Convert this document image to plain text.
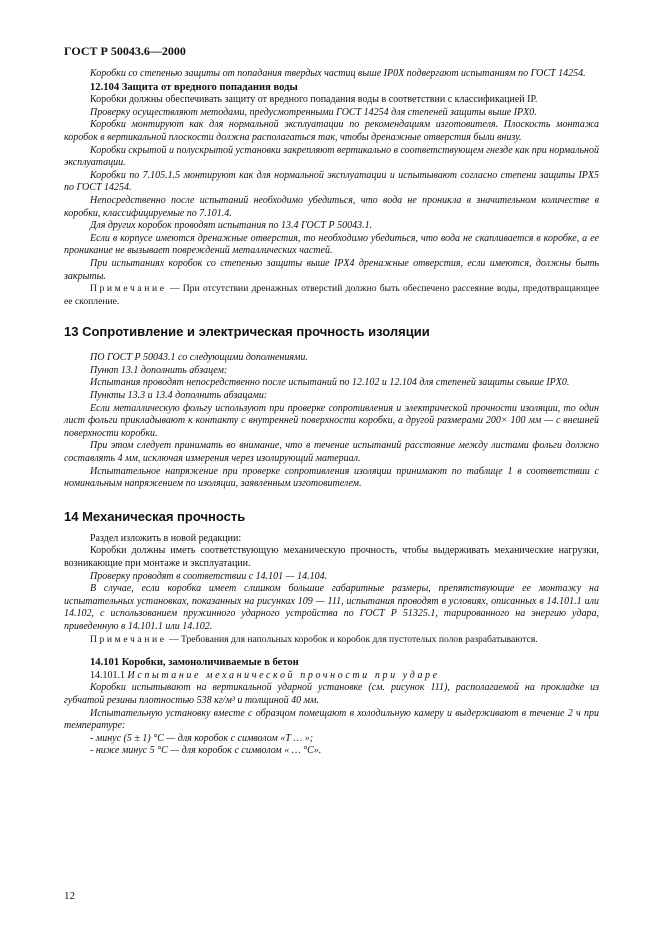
ГОСТ Р 50043.6—2000

Коробки со степенью защиты от попадания твердых частиц выше IP0X подвергают испытаниям по ГОСТ 14254.

12.104 Защита от вредного попадания воды

Коробки должны обеспечивать защиту от вредного попадания воды в соответствии с классификацией IP.

Проверку осуществляют методами, предусмотренными ГОСТ 14254 для степеней защиты выше IPX0.

Коробки монтируют как для нормальной эксплуатации по рекомендациям изготовителя. Плоскость монтажа коробок в вертикальной плоскости должна располагаться так, чтобы дренажные отверстия были внизу.

Коробки скрытой и полускрытой установки закрепляют вертикально в соответствующем гнезде как при нормальной эксплуатации.

Коробки по 7.105.1.5 монтируют как для нормальной эксплуатации и испытывают согласно степени защиты IPX5 по ГОСТ 14254.

Непосредственно после испытаний необходимо убедиться, что вода не проникла в значительном количестве в коробки, классифицируемые по 7.101.4.

Для других коробок проводят испытания по 13.4 ГОСТ Р 50043.1.

Если в корпусе имеются дренажные отверстия, то необходимо убедиться, что вода не скапливается в коробке, а ее проникание не вызывает повреждений металлических частей.

При испытаниях коробок со степенью защиты выше IPX4 дренажные отверстия, если имеются, должны быть закрыты.

Примечание — При отсутствии дренажных отверстий должно быть обеспечено рассеяние воды, предотвращающее ее скопление.

13 Сопротивление и электрическая прочность изоляции

ПО ГОСТ Р 50043.1 со следующими дополнениями.

Пункт 13.1 дополнить абзацем:

Испытания проводят непосредственно после испытаний по 12.102 и 12.104 для степеней защиты свыше IPX0.

Пункты 13.3 и 13.4 дополнить абзацами:

Если металлическую фольгу используют при проверке сопротивления и электрической прочности изоляции, то один лист фольги прикладывают к контакту с внутренней поверхности коробки, а другой размерами 200× 100 мм — с внешней поверхности коробки.

При этом следует принимать во внимание, что в течение испытаний расстояние между листами фольги должно составлять 4 мм, исключая измерения через изолирующий материал.

Испытательное напряжение при проверке сопротивления изоляции принимают по таблице 1 в соответствии с номинальным напряжением по изоляции, заявленным изготовителем.

14 Механическая прочность

Раздел изложить в новой редакции:

Коробки должны иметь соответствующую механическую прочность, чтобы выдерживать механические нагрузки, возникающие при монтаже и эксплуатации.

Проверку проводят в соответствии с 14.101 — 14.104.

В случае, если коробка имеет слишком большие габаритные размеры, препятствующие ее монтажу на испытательных установках, показанных на рисунках 109 — 111, испытания проводят в условиях, описанных в 14.101.1 или 14.102, с использованием пружинного ударного устройства по ГОСТ Р 51325.1, тарированного на энергию удара, приведенную в 14.101.1 или 14.102.

Примечание — Требования для напольных коробок и коробок для пустотелых полов разрабатываются.

14.101 Коробки, замоноличиваемые в бетон

14.101.1 Испытание механической прочности при ударе

Коробки испытывают на вертикальной ударной установке (см. рисунок 111), располагаемой на прокладке из губчатой резины плотностью 538 кг/м³ и толщиной 40 мм.

Испытательную установку вместе с образцом помещают в холодильную камеру и выдерживают в течение 2 ч при температуре:

- минус (5 ± 1) °С — для коробок с символом «Т … »;

- ниже минус 5 °С — для коробок с символом « … °С».

12
